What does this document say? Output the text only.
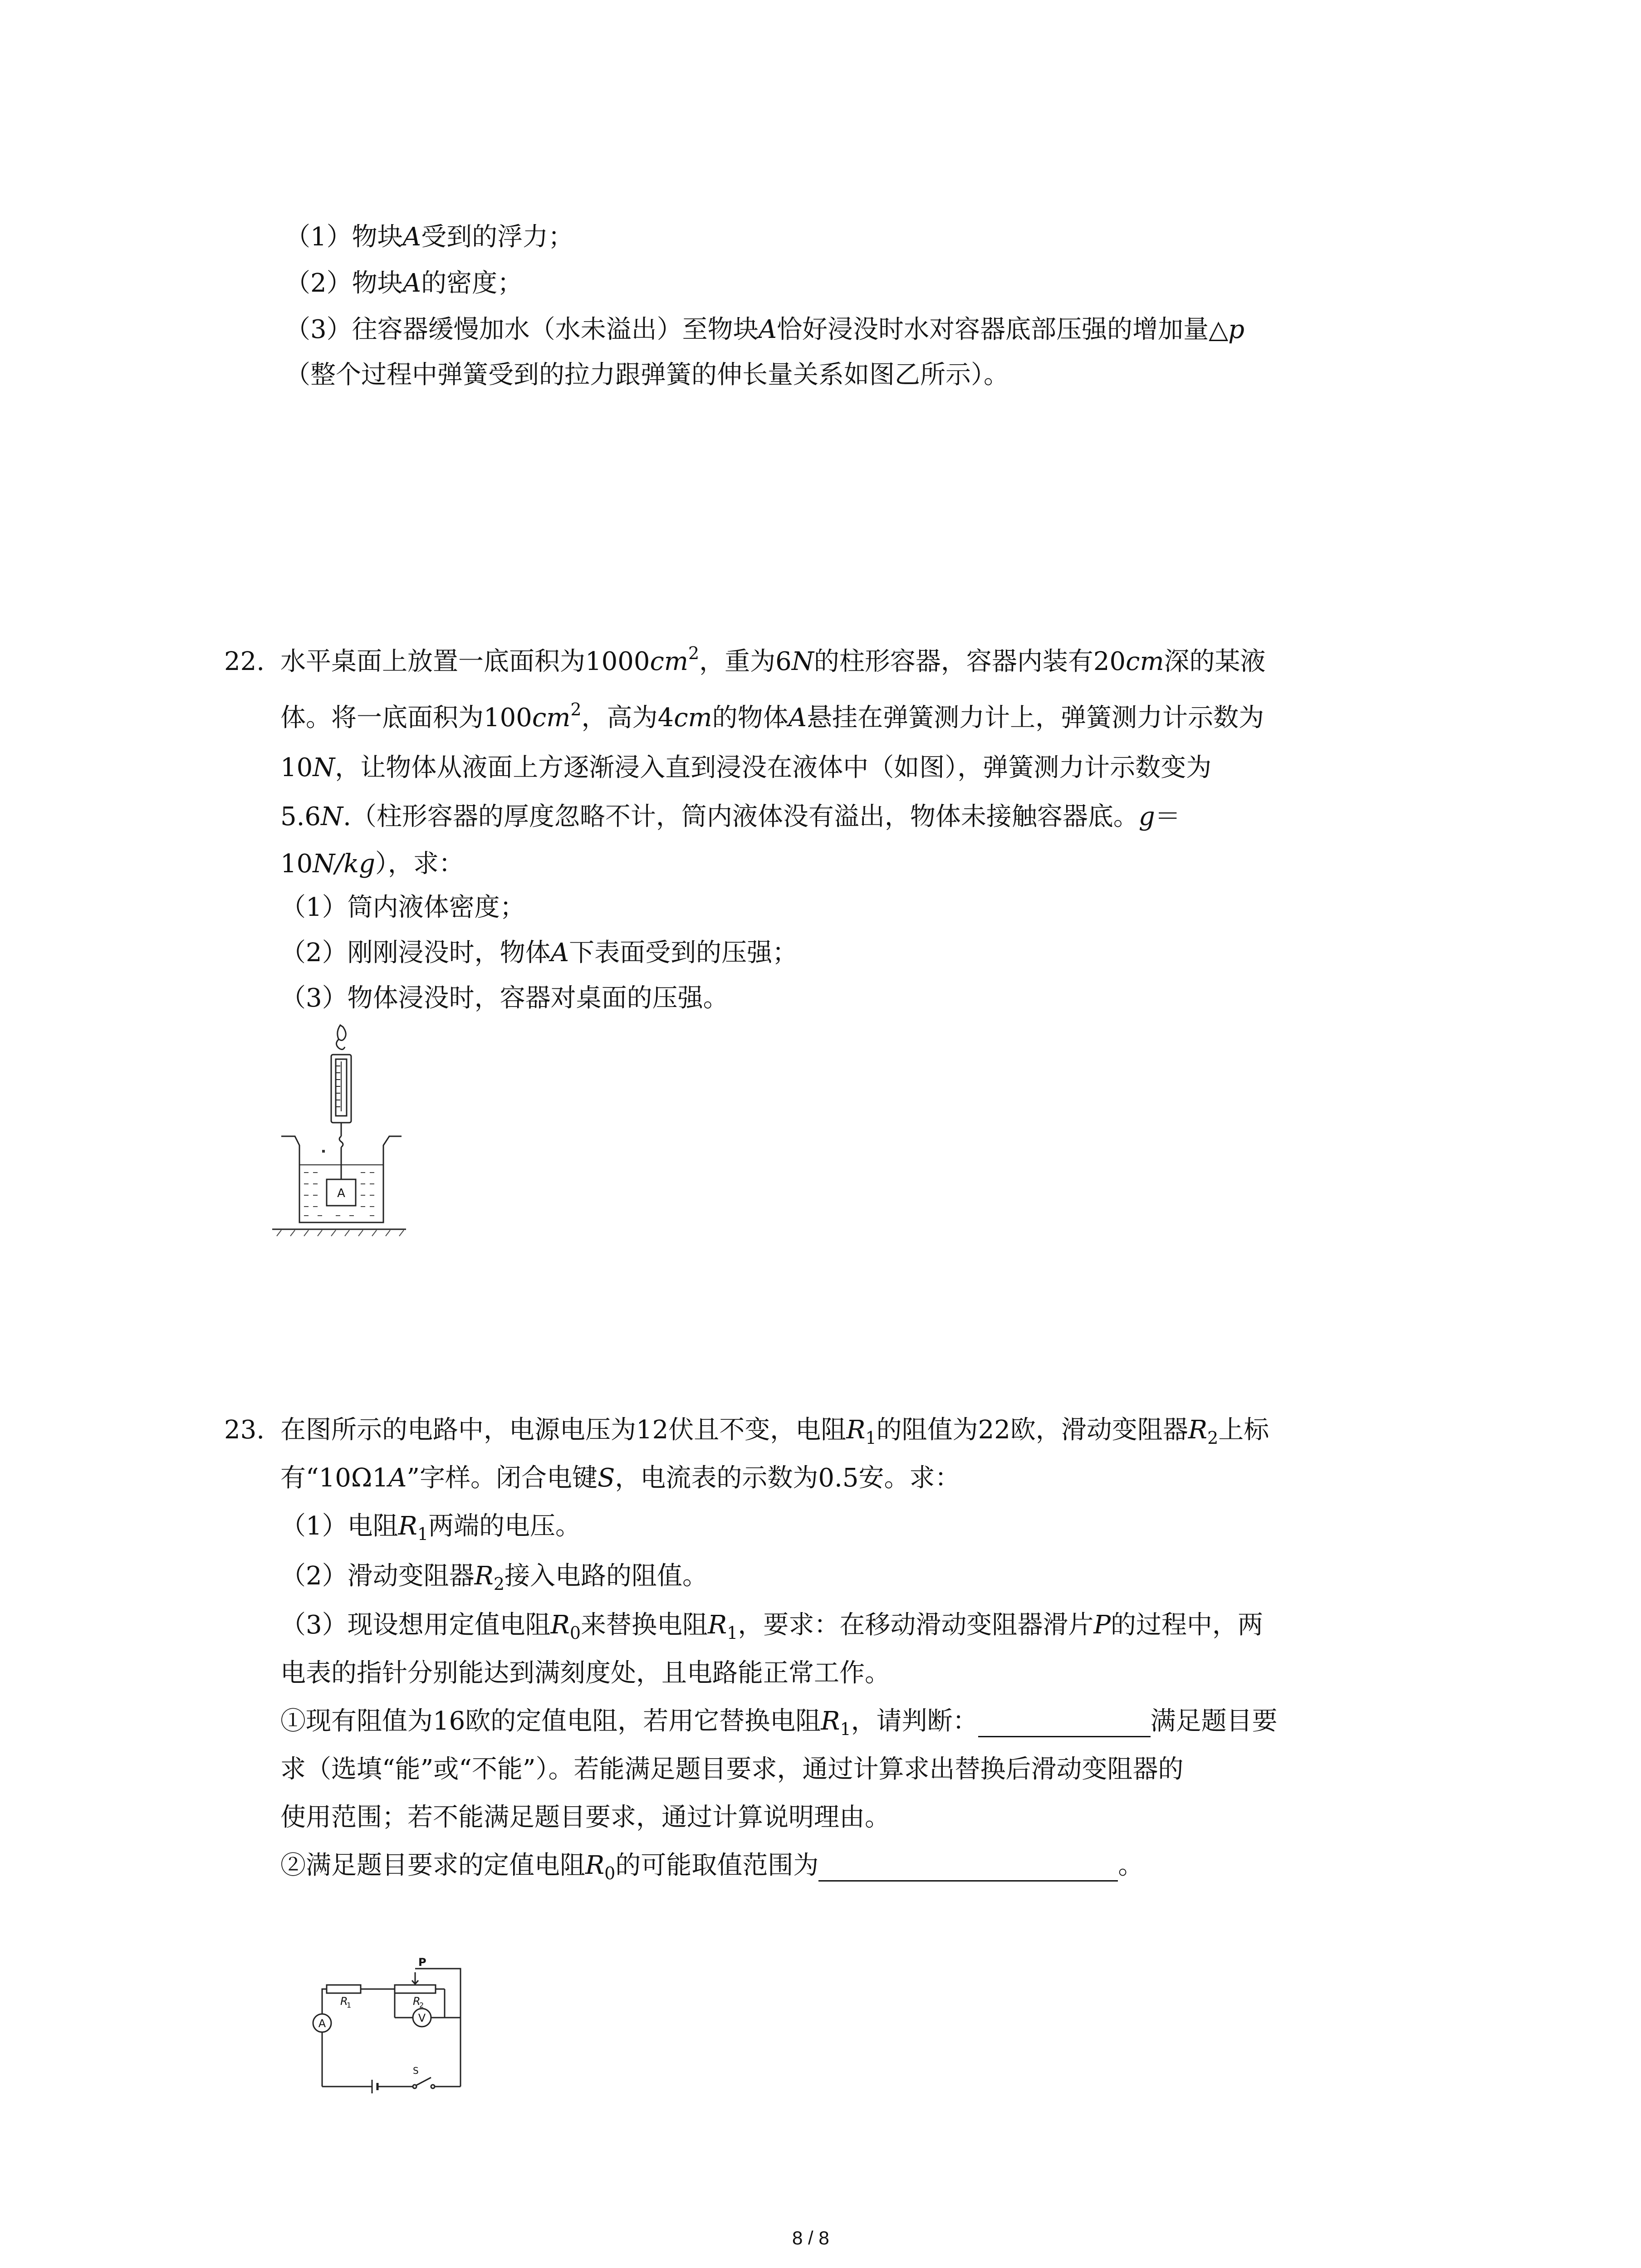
（1）物块A受到的浮力；
（2）物块A的密度；
（3）往容器缓慢加水（水未溢出）至物块A恰好浸没时水对容器底部压强的增加量△p
（整个过程中弹簧受到的拉力跟弹簧的伸长量关系如图乙所示）。
22. 水平桌面上放置一底面积为$1000cm^2$，重为6N的柱形容器，容器内装有20cm深的某液
体。将一底面积为$100cm^2$，高为4cm的物体A悬挂在弹簧测力计上，弹簧测力计示数为
10N，让物体从液面上方逐渐浸入直到浸没在液体中（如图），弹簧测力计示数变为
5.6N.（柱形容器的厚度忽略不计，筒内液体没有溢出，物体未接触容器底。g＝
10N/kg），求：
（1）筒内液体密度；
（2）刚刚浸没时，物体A下表面受到的压强；
（3）物体浸没时，容器对桌面的压强。
A
23. 在图所示的电路中，电源电压为12伏且不变，电阻$R_1$的阻值为22欧，滑动变阻器$R_2$上标
有“10Ω1A”字样。闭合电键S，电流表的示数为0.5安。求：
（1）电阻$R_1$两端的电压。
（2）滑动变阻器$R_2$接入电路的阻值。
（3）现设想用定值电阻$R_0$来替换电阻$R_1$，要求：在移动滑动变阻器滑片P的过程中，两
电表的指针分别能达到满刻度处，且电路能正常工作。
①现有阻值为16欧的定值电阻，若用它替换电阻$R_1$，请判断：	满足题目要
求（选填“能”或“不能”）。若能满足题目要求，通过计算求出替换后滑动变阻器的
使用范围；若不能满足题目要求，通过计算说明理由。
②满足题目要求的定值电阻$R_0$的可能取值范围为	。
R
1	R
2
P
A	V
S
8 / 8
